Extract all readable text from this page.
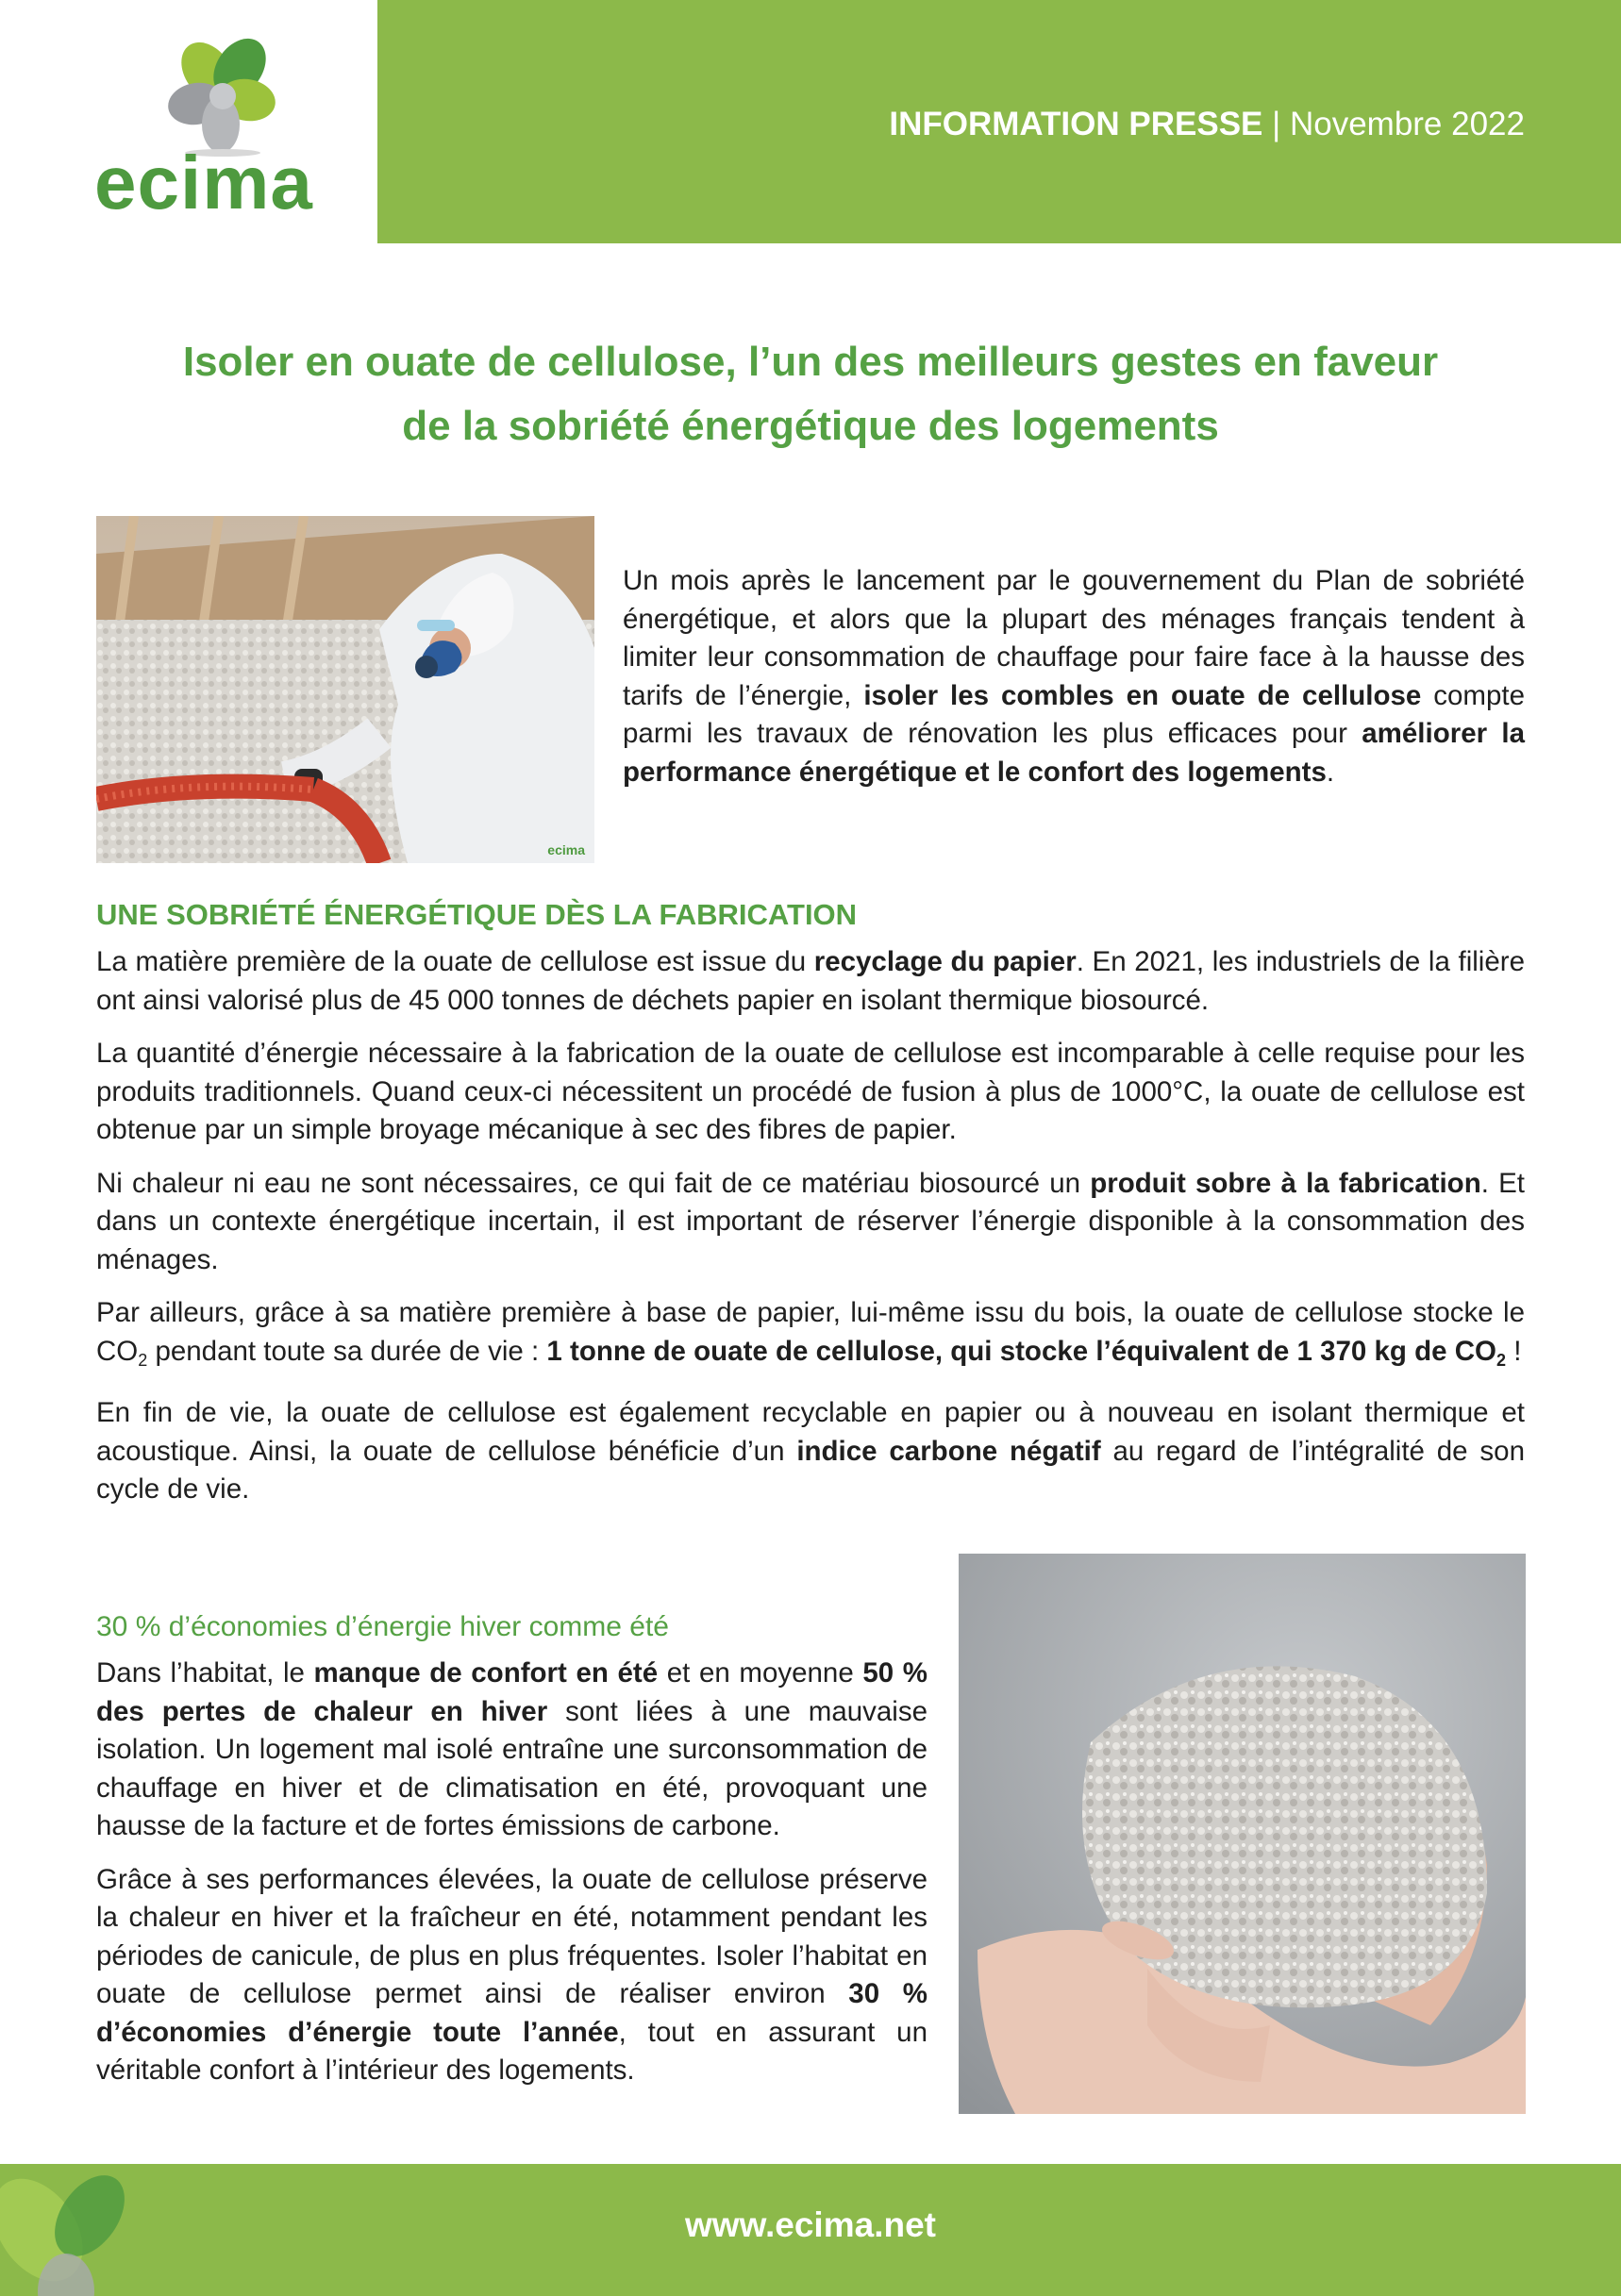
INFORMATION PRESSE | Novembre 2022
ecima
Isoler en ouate de cellulose, l’un des meilleurs gestes en faveur
de la sobriété énergétique des logements
ecima

Un mois après le lancement par le gouvernement du Plan de sobriété énergétique, et alors que la plupart des ménages français tendent à limiter leur consommation de chauffage pour faire face à la hausse des tarifs de l’énergie, isoler les combles en ouate de cellulose compte parmi les travaux de rénovation les plus efficaces pour améliorer la performance énergétique et le confort des logements.

UNE SOBRIÉTÉ ÉNERGÉTIQUE DÈS LA FABRICATION

La matière première de la ouate de cellulose est issue du recyclage du papier. En 2021, les industriels de la filière ont ainsi valorisé plus de 45 000 tonnes de déchets papier en isolant thermique biosourcé.

La quantité d’énergie nécessaire à la fabrication de la ouate de cellulose est incomparable à celle requise pour les produits traditionnels. Quand ceux-ci nécessitent un procédé de fusion à plus de 1000°C, la ouate de cellulose est obtenue par un simple broyage mécanique à sec des fibres de papier.

Ni chaleur ni eau ne sont nécessaires, ce qui fait de ce matériau biosourcé un produit sobre à la fabrication. Et dans un contexte énergétique incertain, il est important de réserver l’énergie disponible à la consommation des ménages.

Par ailleurs, grâce à sa matière première à base de papier, lui-même issu du bois, la ouate de cellulose stocke le $CO_2$ pendant toute sa durée de vie : 1 tonne de ouate de cellulose, qui stocke l’équivalent de 1 370 kg de $CO_2$ !

En fin de vie, la ouate de cellulose est également recyclable en papier ou à nouveau en isolant thermique et acoustique. Ainsi, la ouate de cellulose bénéficie d’un indice carbone négatif au regard de l’intégralité de son cycle de vie.

30 % d’économies d’énergie hiver comme été

Dans l’habitat, le manque de confort en été et en moyenne 50 % des pertes de chaleur en hiver sont liées à une mauvaise isolation. Un logement mal isolé entraîne une surconsommation de chauffage en hiver et de climatisation en été, provoquant une hausse de la facture et de fortes émissions de carbone.

Grâce à ses performances élevées, la ouate de cellulose préserve la chaleur en hiver et la fraîcheur en été, notamment pendant les périodes de canicule, de plus en plus fréquentes. Isoler l’habitat en ouate de cellulose permet ainsi de réaliser environ 30 % d’économies d’énergie toute l’année, tout en assurant un véritable confort à l’intérieur des logements.

www.ecima.net
